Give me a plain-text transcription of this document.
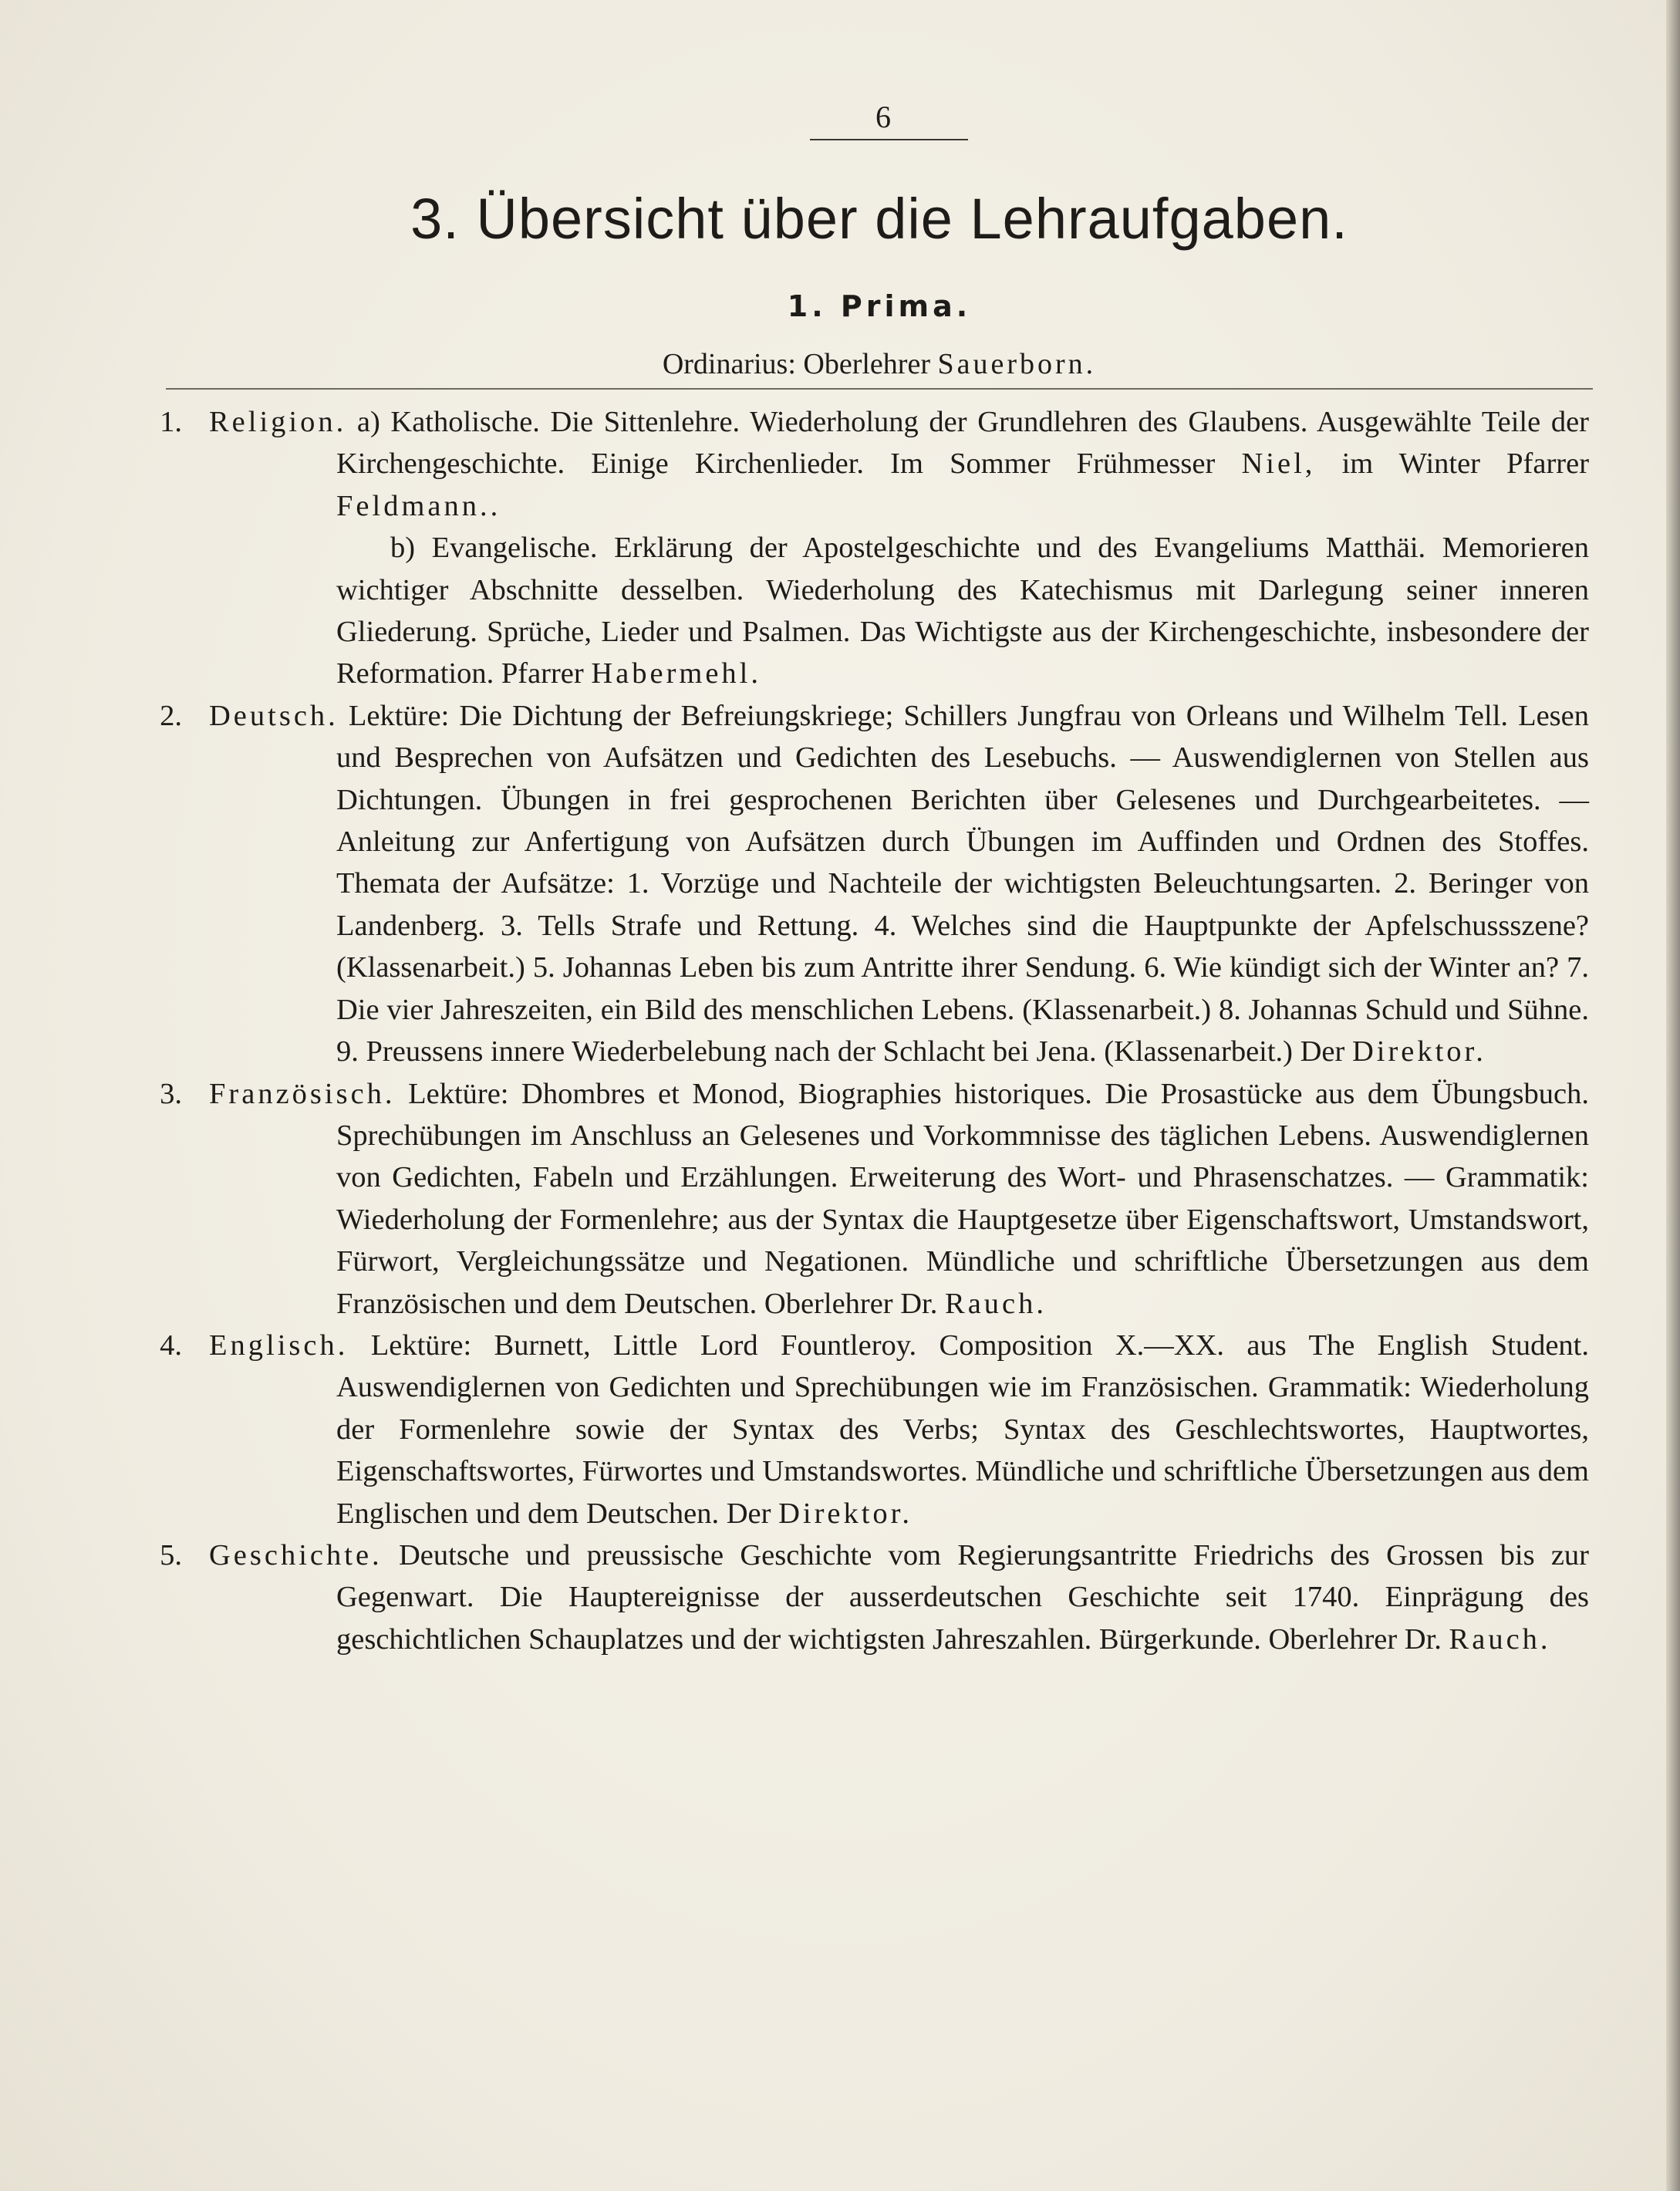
6
3. Übersicht über die Lehraufgaben.
1. Prima.
Ordinarius: Oberlehrer Sauerborn.
1. Religion. a) Katholische. Die Sittenlehre. Wiederholung der Grundlehren des Glaubens. Ausgewählte Teile der Kirchengeschichte. Einige Kirchenlieder. Im Sommer Frühmesser Niel, im Winter Pfarrer Feldmann..
b) Evangelische. Erklärung der Apostelgeschichte und des Evangeliums Matthäi. Memorieren wichtiger Abschnitte desselben. Wiederholung des Katechismus mit Darlegung seiner inneren Gliederung. Sprüche, Lieder und Psalmen. Das Wichtigste aus der Kirchengeschichte, insbesondere der Reformation. Pfarrer Habermehl.
2. Deutsch. Lektüre: Die Dichtung der Befreiungskriege; Schillers Jungfrau von Orleans und Wilhelm Tell. Lesen und Besprechen von Aufsätzen und Gedichten des Lesebuchs. — Auswendiglernen von Stellen aus Dichtungen. Übungen in frei gesprochenen Berichten über Gelesenes und Durchgearbeitetes. — Anleitung zur Anfertigung von Aufsätzen durch Übungen im Auffinden und Ordnen des Stoffes. Themata der Aufsätze: 1. Vorzüge und Nachteile der wichtigsten Beleuchtungsarten. 2. Beringer von Landenberg. 3. Tells Strafe und Rettung. 4. Welches sind die Hauptpunkte der Apfelschussszene? (Klassenarbeit.) 5. Johannas Leben bis zum Antritte ihrer Sendung. 6. Wie kündigt sich der Winter an? 7. Die vier Jahreszeiten, ein Bild des menschlichen Lebens. (Klassenarbeit.) 8. Johannas Schuld und Sühne. 9. Preussens innere Wiederbelebung nach der Schlacht bei Jena. (Klassenarbeit.) Der Direktor.
3. Französisch. Lektüre: Dhombres et Monod, Biographies historiques. Die Prosastücke aus dem Übungsbuch. Sprechübungen im Anschluss an Gelesenes und Vorkommnisse des täglichen Lebens. Auswendiglernen von Gedichten, Fabeln und Erzählungen. Erweiterung des Wort- und Phrasenschatzes. — Grammatik: Wiederholung der Formenlehre; aus der Syntax die Hauptgesetze über Eigenschaftswort, Umstandswort, Fürwort, Vergleichungssätze und Negationen. Mündliche und schriftliche Übersetzungen aus dem Französischen und dem Deutschen. Oberlehrer Dr. Rauch.
4. Englisch. Lektüre: Burnett, Little Lord Fountleroy. Composition X.—XX. aus The English Student. Auswendiglernen von Gedichten und Sprechübungen wie im Französischen. Grammatik: Wiederholung der Formenlehre sowie der Syntax des Verbs; Syntax des Geschlechtswortes, Hauptwortes, Eigenschaftswortes, Fürwortes und Umstandswortes. Mündliche und schriftliche Übersetzungen aus dem Englischen und dem Deutschen. Der Direktor.
5. Geschichte. Deutsche und preussische Geschichte vom Regierungsantritte Friedrichs des Grossen bis zur Gegenwart. Die Hauptereignisse der ausserdeutschen Geschichte seit 1740. Einprägung des geschichtlichen Schauplatzes und der wichtigsten Jahreszahlen. Bürgerkunde. Oberlehrer Dr. Rauch.
